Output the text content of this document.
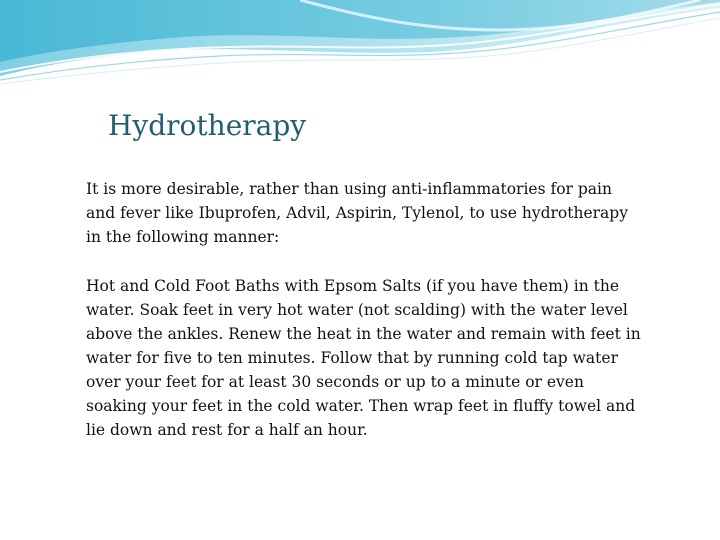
Hydrotherapy

It is more desirable, rather than using anti-inflammatories for pain and fever like Ibuprofen, Advil, Aspirin, Tylenol, to use hydrotherapy in the following manner:

Hot and Cold Foot Baths with Epsom Salts (if you have them) in the water. Soak feet in very hot water (not scalding) with the water level above the ankles. Renew the heat in the water and remain with feet in water for five to ten minutes. Follow that by running cold tap water over your feet for at least 30 seconds or up to a minute or even soaking your feet in the cold water. Then wrap feet in fluffy towel and lie down and rest for a half an hour.
